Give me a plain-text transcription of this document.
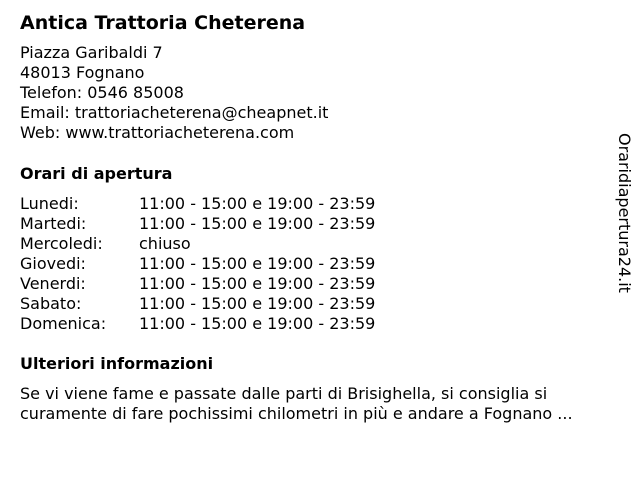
Antica Trattoria Cheterena
Piazza Garibaldi 7
48013 Fognano
Telefon: 0546 85008
Email: trattoriacheterena@cheapnet.it
Web: www.trattoriacheterena.com
Orari di apertura
Lunedi:	11:00 - 15:00 e 19:00 - 23:59
Martedi:	11:00 - 15:00 e 19:00 - 23:59
Mercoledi: chiuso
Giovedi:	11:00 - 15:00 e 19:00 - 23:59
Venerdi:	11:00 - 15:00 e 19:00 - 23:59
Sabato:	11:00 - 15:00 e 19:00 - 23:59
Domenica: 11:00 - 15:00 e 19:00 - 23:59
Ulteriori informazioni
Se vi viene fame e passate dalle parti di Brisighella, si consiglia si
curamente di fare pochissimi chilometri in più e andare a Fognano ...
Oraridiapertura24.it
